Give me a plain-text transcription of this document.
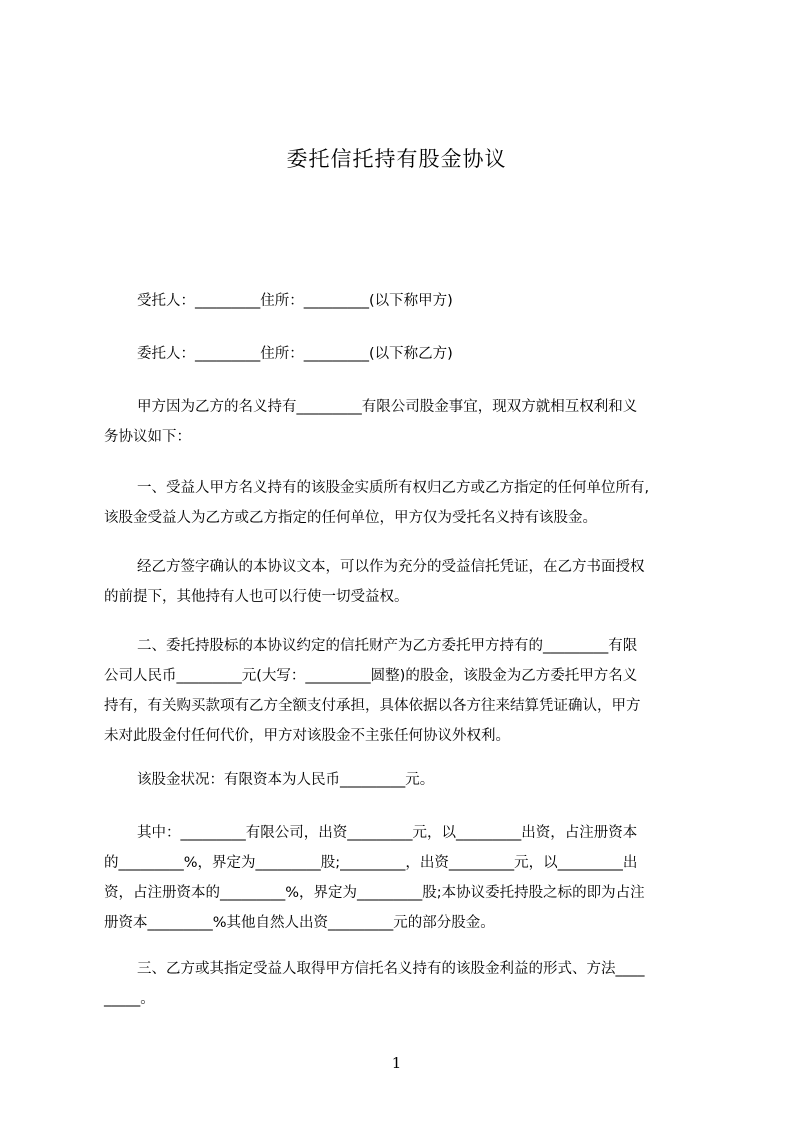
委托信托持有股金协议
受托人：_________住所：_________(以下称甲方)
委托人：_________住所：_________(以下称乙方)
甲方因为乙方的名义持有_________有限公司股金事宜，现双方就相互权利和义
务协议如下：
一、受益人甲方名义持有的该股金实质所有权归乙方或乙方指定的任何单位所有,
该股金受益人为乙方或乙方指定的任何单位，甲方仅为受托名义持有该股金。
经乙方签字确认的本协议文本，可以作为充分的受益信托凭证，在乙方书面授权
的前提下，其他持有人也可以行使一切受益权。
二、委托持股标的本协议约定的信托财产为乙方委托甲方持有的_________有限
公司人民币_________元(大写：_________圆整)的股金，该股金为乙方委托甲方名义
持有，有关购买款项有乙方全额支付承担，具体依据以各方往来结算凭证确认，甲方
未对此股金付任何代价，甲方对该股金不主张任何协议外权利。
该股金状况：有限资本为人民币_________元。
其中：_________有限公司，出资_________元，以_________出资，占注册资本
的_________%，界定为_________股;_________，出资_________元，以_________出
资，占注册资本的_________%，界定为_________股;本协议委托持股之标的即为占注
册资本_________%其他自然人出资_________元的部分股金。
三、乙方或其指定受益人取得甲方信托名义持有的该股金利益的形式、方法____
_____。
1
